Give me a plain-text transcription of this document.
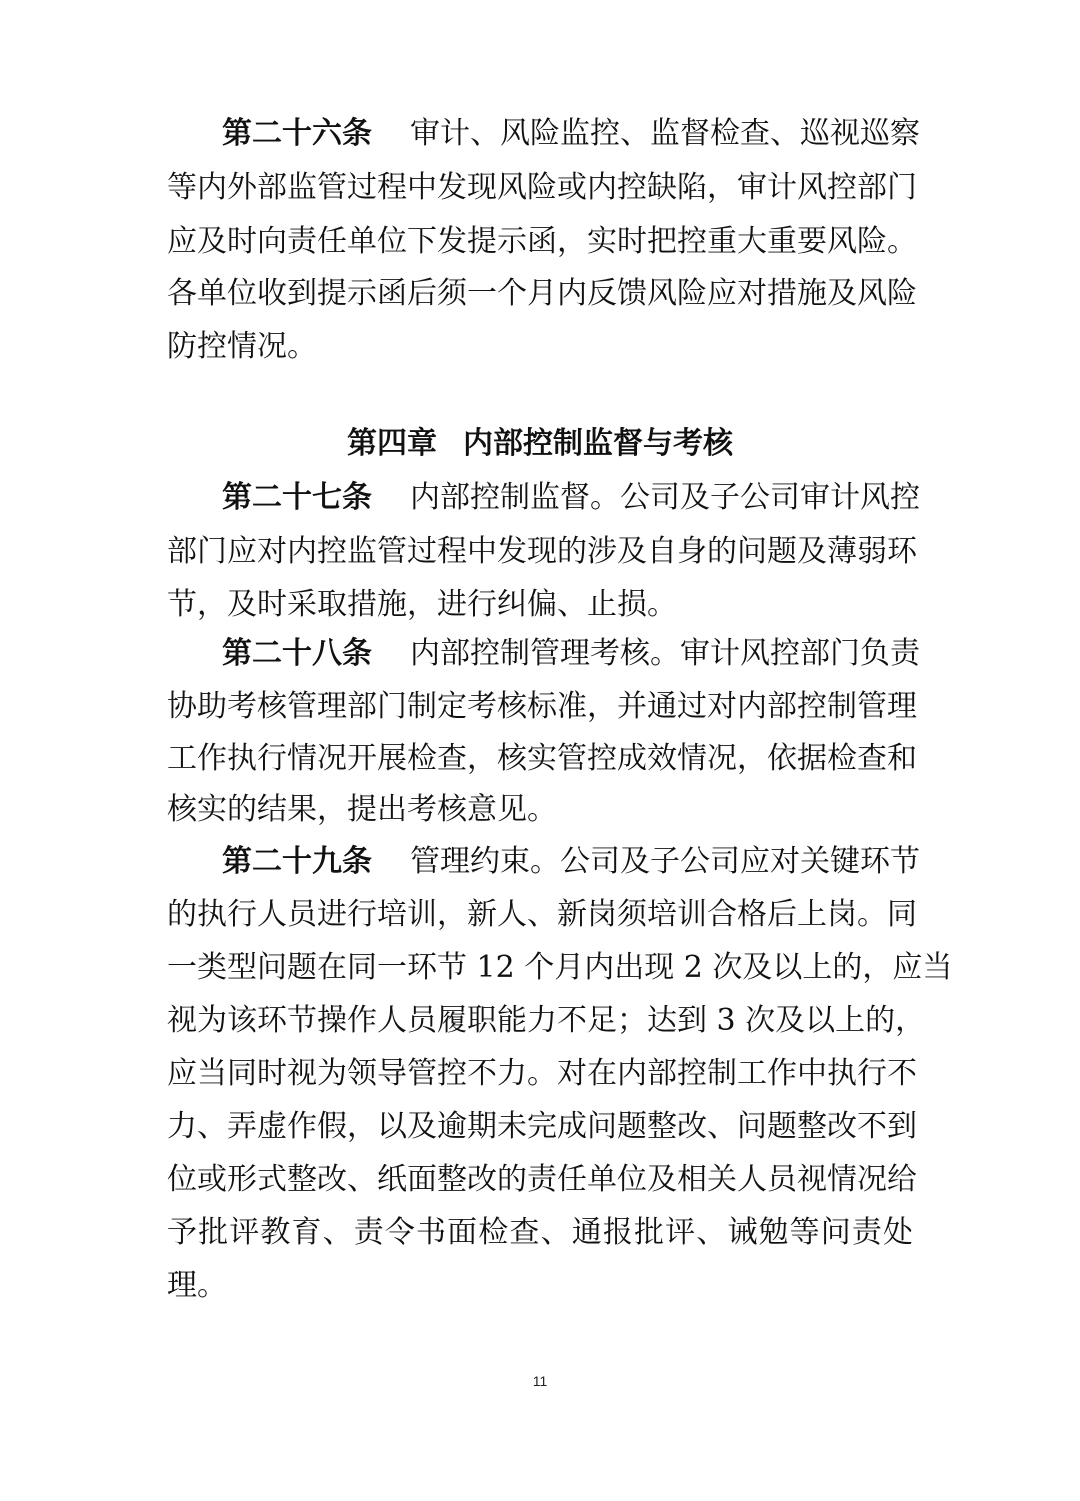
第二十六条 审计、风险监控、监督检查、巡视巡察
等内外部监管过程中发现风险或内控缺陷，审计风控部门
应及时向责任单位下发提示函，实时把控重大重要风险。
各单位收到提示函后须一个月内反馈风险应对措施及风险
防控情况。
第四章 内部控制监督与考核
第二十七条 内部控制监督。公司及子公司审计风控
部门应对内控监管过程中发现的涉及自身的问题及薄弱环
节，及时采取措施，进行纠偏、止损。
第二十八条 内部控制管理考核。审计风控部门负责
协助考核管理部门制定考核标准，并通过对内部控制管理
工作执行情况开展检查，核实管控成效情况，依据检查和
核实的结果，提出考核意见。
第二十九条 管理约束。公司及子公司应对关键环节
的执行人员进行培训，新人、新岗须培训合格后上岗。同
一类型问题在同一环节 12 个月内出现 2 次及以上的，应当
视为该环节操作人员履职能力不足；达到 3 次及以上的，
应当同时视为领导管控不力。对在内部控制工作中执行不
力、弄虚作假，以及逾期未完成问题整改、问题整改不到
位或形式整改、纸面整改的责任单位及相关人员视情况给
予批评教育、责令书面检查、通报批评、诫勉等问责处
理。
11
